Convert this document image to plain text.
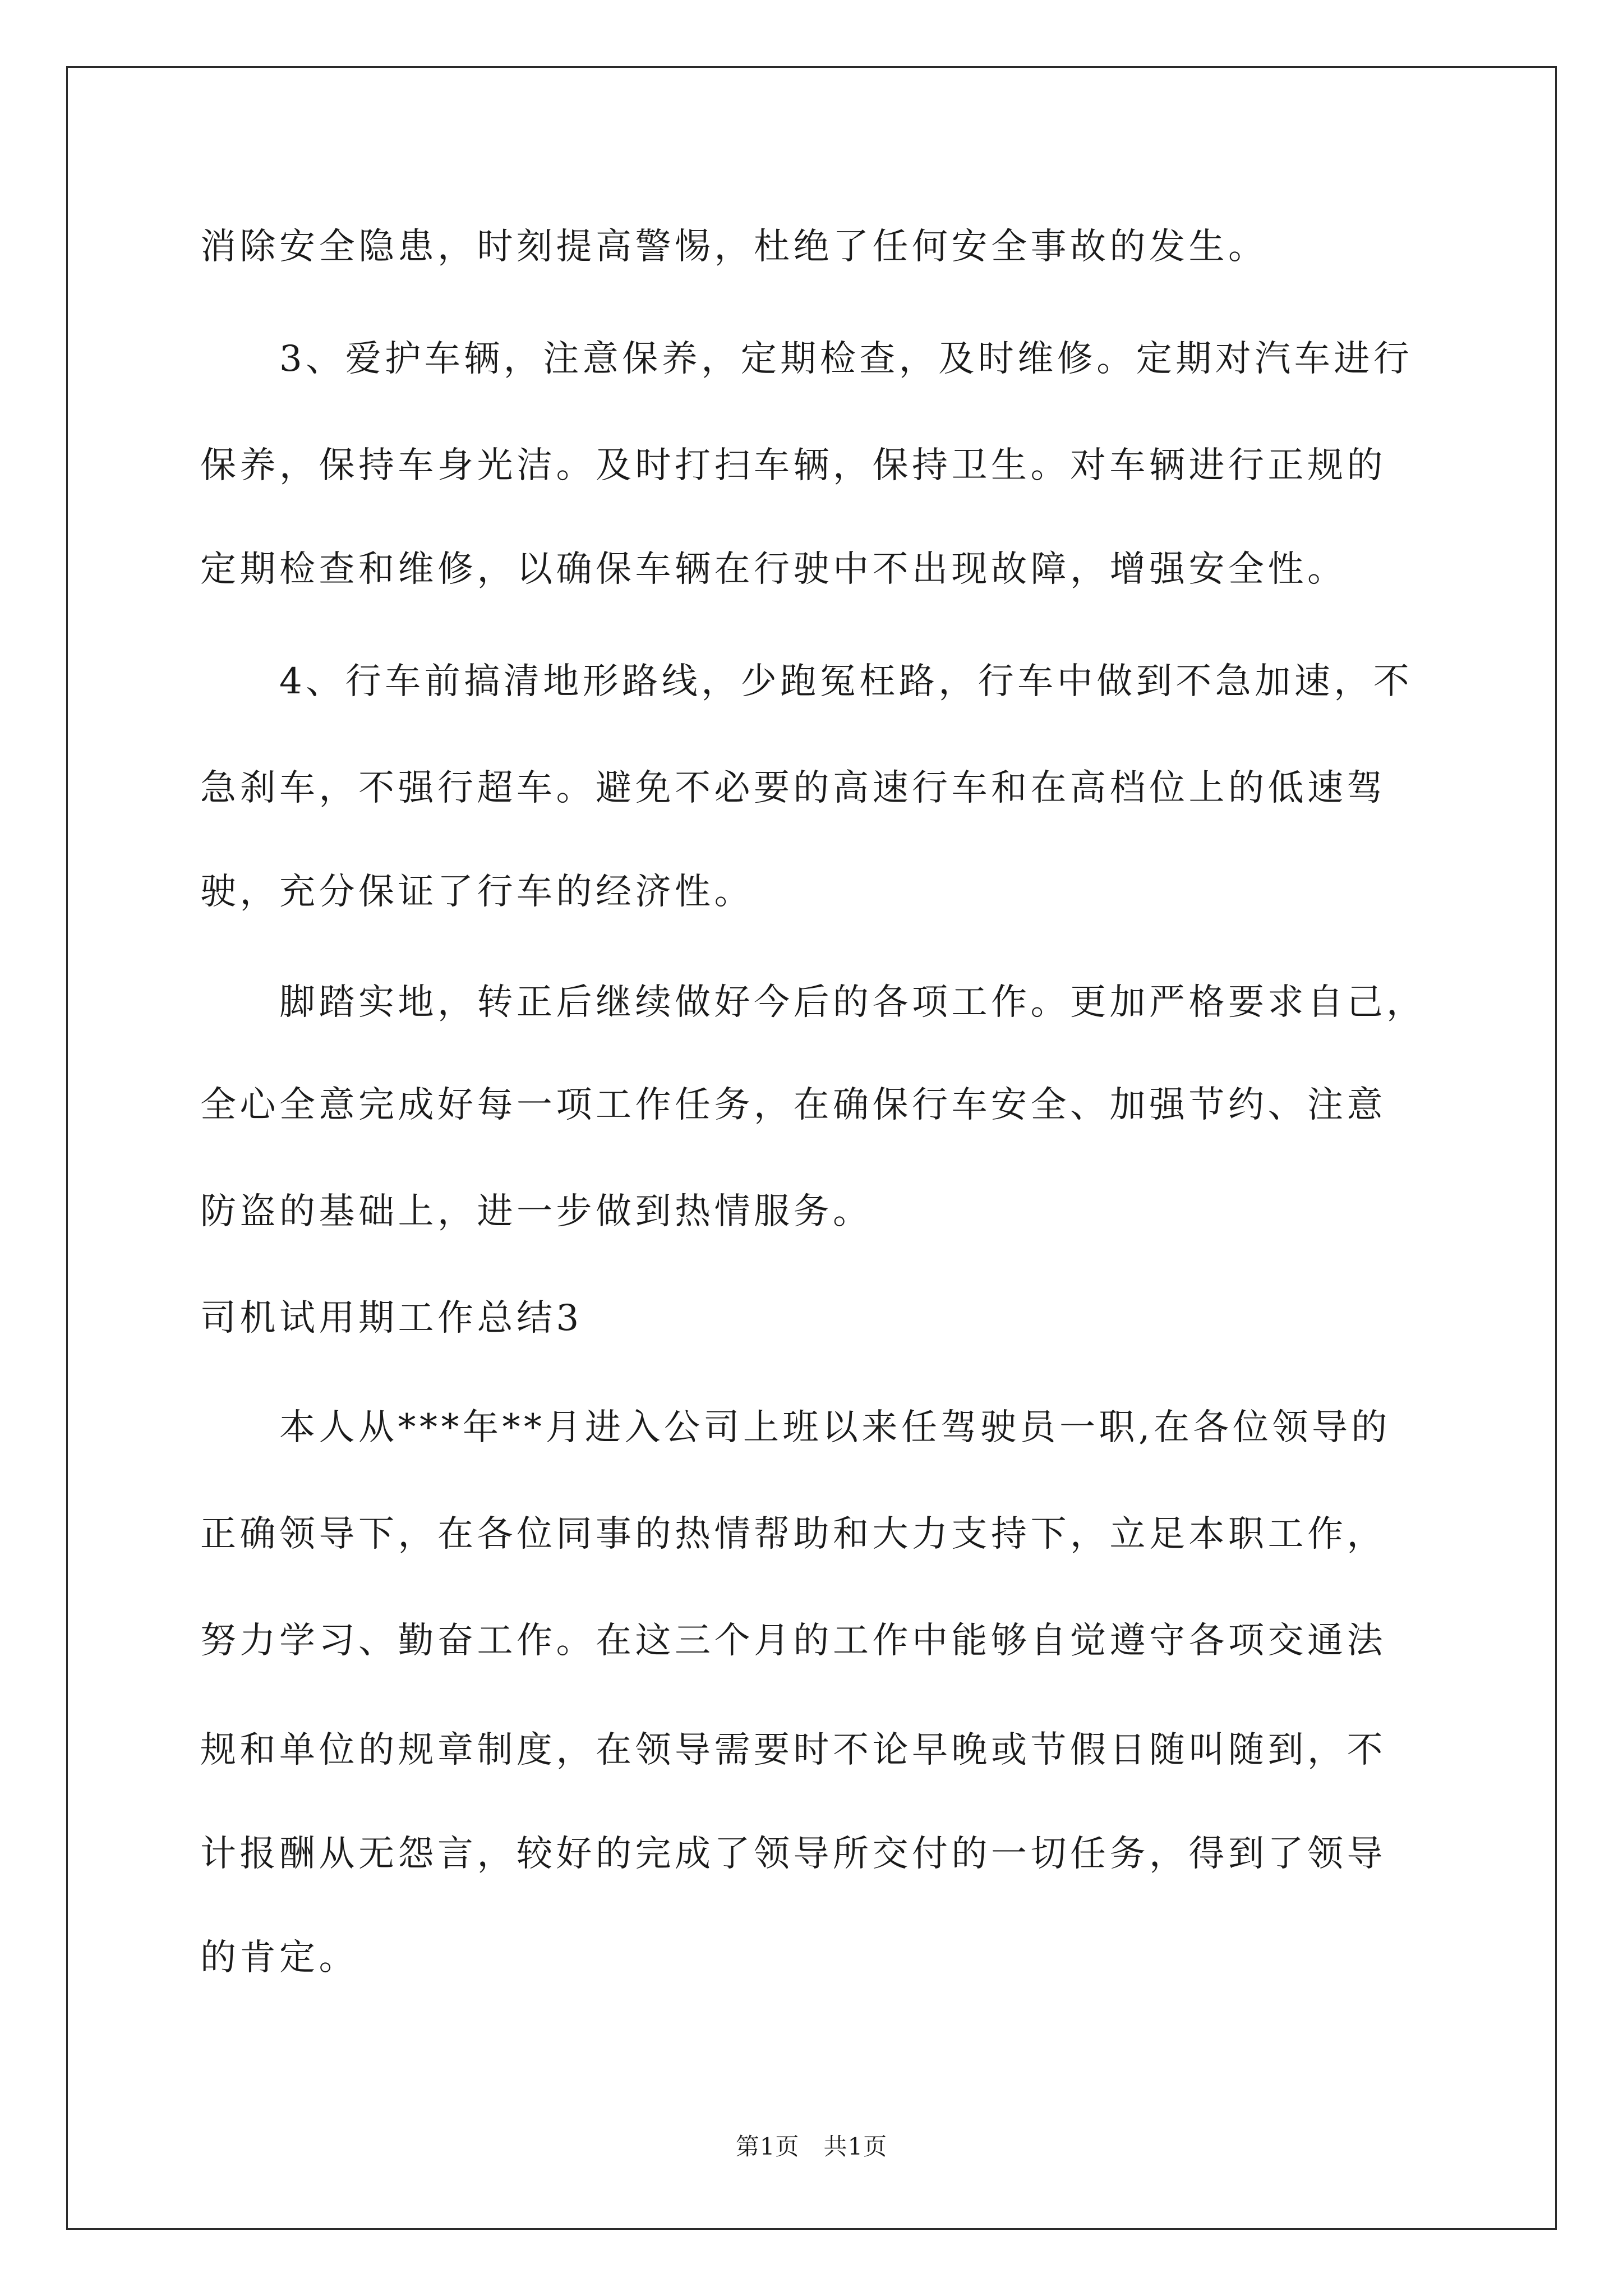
消除安全隐患，时刻提高警惕，杜绝了任何安全事故的发生。
　　3、爱护车辆，注意保养，定期检查，及时维修。定期对汽车进行
保养，保持车身光洁。及时打扫车辆，保持卫生。对车辆进行正规的
定期检查和维修，以确保车辆在行驶中不出现故障，增强安全性。
　　4、行车前搞清地形路线，少跑冤枉路，行车中做到不急加速，不
急刹车，不强行超车。避免不必要的高速行车和在高档位上的低速驾
驶，充分保证了行车的经济性。
　　脚踏实地，转正后继续做好今后的各项工作。更加严格要求自己，
全心全意完成好每一项工作任务，在确保行车安全、加强节约、注意
防盗的基础上，进一步做到热情服务。
司机试用期工作总结3
　　本人从***年**月进入公司上班以来任驾驶员一职,在各位领导的
正确领导下，在各位同事的热情帮助和大力支持下，立足本职工作，
努力学习、勤奋工作。在这三个月的工作中能够自觉遵守各项交通法
规和单位的规章制度，在领导需要时不论早晚或节假日随叫随到，不
计报酬从无怨言，较好的完成了领导所交付的一切任务，得到了领导
的肯定。
第1页　共1页
